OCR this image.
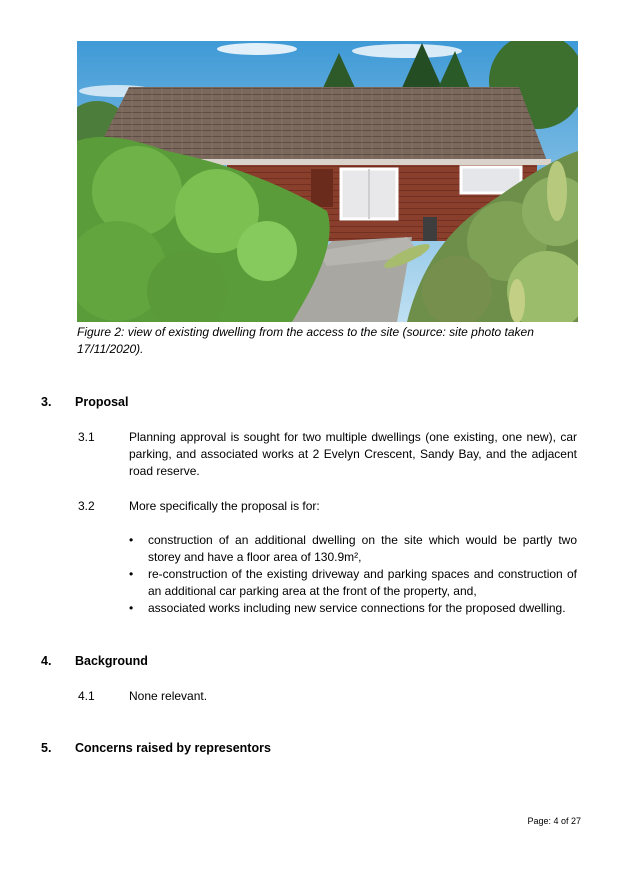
Figure 2: view of existing dwelling from the access to the site (source: site photo taken 17/11/2020).
3. Proposal
3.1	Planning approval is sought for two multiple dwellings (one existing, one new), car parking, and associated works at 2 Evelyn Crescent, Sandy Bay, and the adjacent road reserve.
3.2	More specifically the proposal is for:
• construction of an additional dwelling on the site which would be partly two storey and have a floor area of 130.9m²,
• re-construction of the existing driveway and parking spaces and construction of an additional car parking area at the front of the property, and,
• associated works including new service connections for the proposed dwelling.
4. Background
4.1	None relevant.
5. Concerns raised by representors
Page: 4 of 27
